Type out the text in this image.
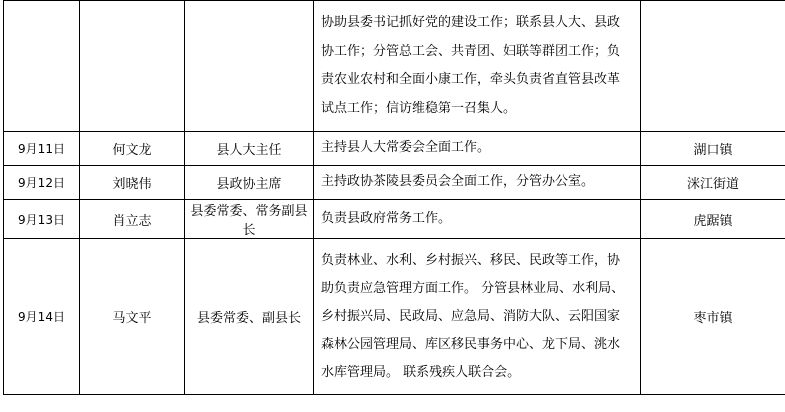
			协助县委书记抓好党的建设工作；联系县人大、县政
协工作；分管总工会、共青团、妇联等群团工作；负
责农业农村和全面小康工作，牵头负责省直管县改革
试点工作；信访维稳第一召集人。	

9月11日	何文龙	县人大主任	主持县人大常委会全面工作。	湖口镇
9月12日	刘晓伟	县政协主席	主持政协茶陵县委员会全面工作，分管办公室。	洣江街道
9月13日	肖立志	县委常委、常务副县长	负责县政府常务工作。	虎踞镇
9月14日	马文平	县委常委、副县长	负责林业、水利、乡村振兴、移民、民政等工作，协
助负责应急管理方面工作。 分管县林业局、水利局、
乡村振兴局、民政局、应急局、消防大队、云阳国家
森林公园管理局、库区移民事务中心、龙下局、洮水
水库管理局。 联系残疾人联合会。	枣市镇
